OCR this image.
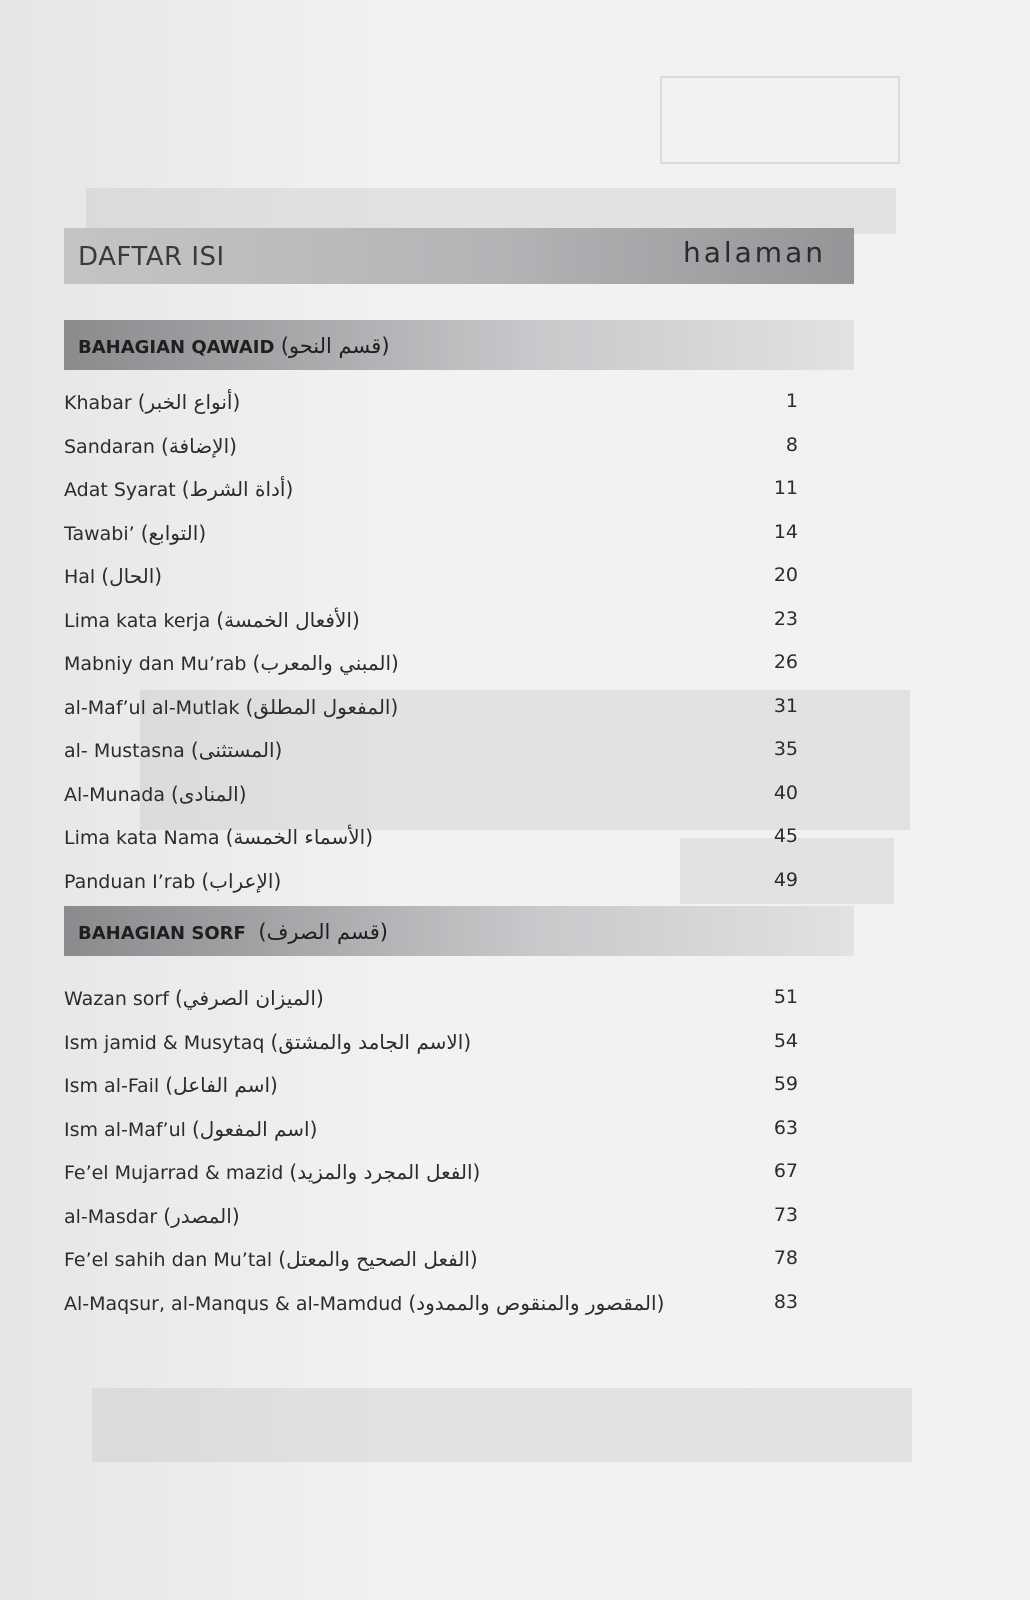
DAFTAR ISI	halaman
BAHAGIAN QAWAID (قسم النحو)
Khabar (أنواع الخبر)	1
Sandaran (الإضافة)	8
Adat Syarat (أداة الشرط)	11
Tawabi’ (التوابع)	14
Hal (الحال)	20
Lima kata kerja (الأفعال الخمسة)	23
Mabniy dan Mu’rab (المبني والمعرب)	26
al-Maf’ul al-Mutlak (المفعول المطلق)	31
al- Mustasna (المستثنى)	35
Al-Munada (المنادى)	40
Lima kata Nama (الأسماء الخمسة)	45
Panduan I’rab (الإعراب)	49
BAHAGIAN SORF (قسم الصرف)
Wazan sorf (الميزان الصرفي)	51
Ism jamid & Musytaq (الاسم الجامد والمشتق)	54
Ism al-Fail (اسم الفاعل)	59
Ism al-Maf’ul (اسم المفعول)	63
Fe’el Mujarrad & mazid (الفعل المجرد والمزيد)	67
al-Masdar (المصدر)	73
Fe’el sahih dan Mu’tal (الفعل الصحيح والمعتل)	78
Al-Maqsur, al-Manqus & al-Mamdud (المقصور والمنقوص والممدود)	83
